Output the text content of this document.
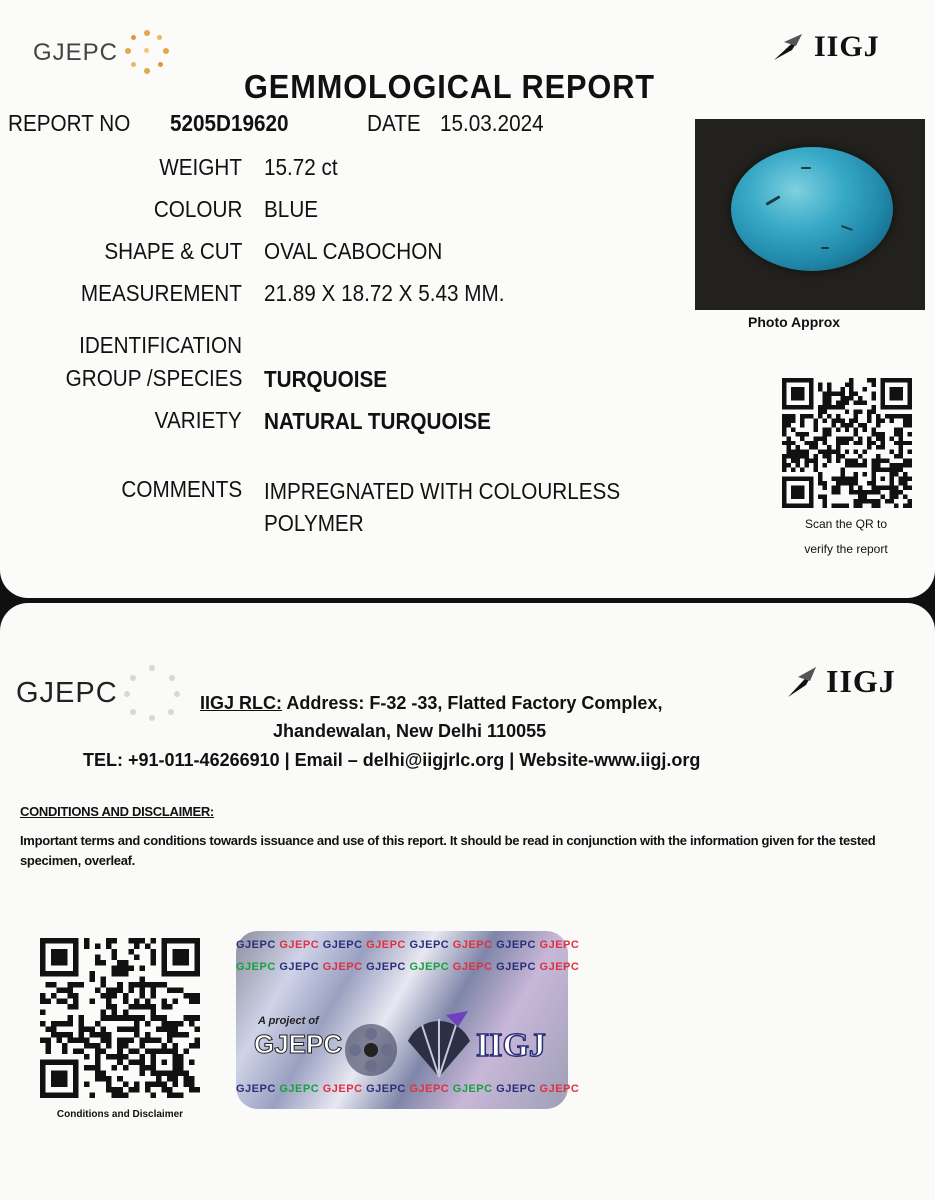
GJEPC	IIGJ
GEMMOLOGICAL REPORT
REPORT NO 5205D19620	DATE 15.03.2024
WEIGHT 15.72 ct
COLOUR BLUE
SHAPE & CUT OVAL CABOCHON
MEASUREMENT 21.89 X 18.72 X 5.43 MM.
IDENTIFICATION
GROUP /SPECIES TURQUOISE
VARIETY NATURAL TURQUOISE
COMMENTS IMPREGNATED WITH COLOURLESS
POLYMER
Photo Approx
Scan the QR to
verify the report
GJEPC	IIGJ
IIGJ RLC: Address: F-32 -33, Flatted Factory Complex,
Jhandewalan, New Delhi 110055
TEL: +91-011-46266910 | Email – delhi@iigjrlc.org | Website-www.iigj.org
CONDITIONS AND DISCLAIMER:
Important terms and conditions towards issuance and use of this report. It should be read in conjunction with the information given for the tested specimen, overleaf.
Conditions and Disclaimer
GJEPC GJEPC GJEPC GJEPC GJEPC GJEPC GJEPC GJEPC
GJEPC GJEPC GJEPC GJEPC GJEPC GJEPC GJEPC GJEPC
A project of
GJEPC	IIGJ
GJEPC GJEPC GJEPC GJEPC GJEPC GJEPC GJEPC GJEPC
